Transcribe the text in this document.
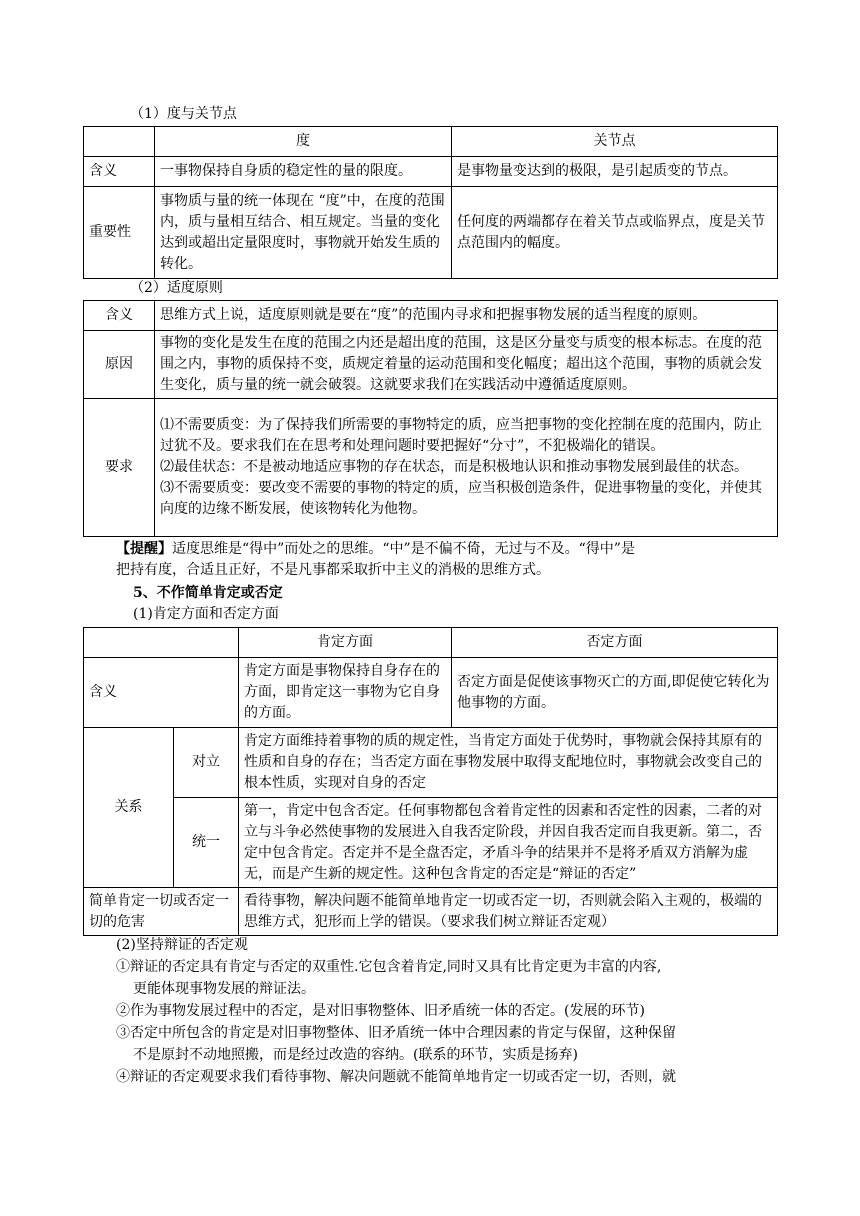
（1）度与关节点
	度	关节点
含义	一事物保持自身质的稳定性的量的限度。	是事物量变达到的极限，是引起质变的节点。
重要性	事物质与量的统一体现在 “度”中，在度的范围内，质与量相互结合、相互规定。当量的变化达到或超出定量限度时，事物就开始发生质的转化。	任何度的两端都存在着关节点或临界点，度是关节点范围内的幅度。
（2）适度原则
含义	思维方式上说，适度原则就是要在“度”的范围内寻求和把握事物发展的适当程度的原则。
原因	事物的变化是发生在度的范围之内还是超出度的范围，这是区分量变与质变的根本标志。在度的范围之内，事物的质保持不变，质规定着量的运动范围和变化幅度；超出这个范围，事物的质就会发生变化，质与量的统一就会破裂。这就要求我们在实践活动中遵循适度原则。
要求	⑴不需要质变：为了保持我们所需要的事物特定的质，应当把事物的变化控制在度的范围内，防止过犹不及。要求我们在在思考和处理问题时要把握好“分寸”，不犯极端化的错误。
⑵最佳状态：不是被动地适应事物的存在状态，而是积极地认识和推动事物发展到最佳的状态。
⑶不需要质变：要改变不需要的事物的特定的质，应当积极创造条件，促进事物量的变化，并使其向度的边缘不断发展，使该物转化为他物。
【提醒】适度思维是“得中”而处之的思维。“中”是不偏不倚，无过与不及。“得中”是
把持有度，合适且正好，不是凡事都采取折中主义的消极的思维方式。
5、不作简单肯定或否定
(1)肯定方面和否定方面
		肯定方面	否定方面
含义		肯定方面是事物保持自身存在的方面，即肯定这一事物为它自身的方面。	否定方面是促使该事物灭亡的方面,即促使它转化为他事物的方面。
关系	对立	肯定方面维持着事物的质的规定性，当肯定方面处于优势时，事物就会保持其原有的性质和自身的存在；当否定方面在事物发展中取得支配地位时，事物就会改变自己的根本性质，实现对自身的否定	
	统一	第一，肯定中包含否定。任何事物都包含着肯定性的因素和否定性的因素，二者的对立与斗争必然使事物的发展进入自我否定阶段，并因自我否定而自我更新。第二，否定中包含肯定。否定并不是全盘否定，矛盾斗争的结果并不是将矛盾双方消解为虚无，而是产生新的规定性。这种包含肯定的否定是“辩证的否定”	
简单肯定一切或否定一切的危害		看待事物，解决问题不能简单地肯定一切或否定一切，否则就会陷入主观的，极端的思维方式，犯形而上学的错误。（要求我们树立辩证否定观）	
(2)坚持辩证的否定观
①辩证的否定具有肯定与否定的双重性.它包含着肯定,同时又具有比肯定更为丰富的内容,
更能体现事物发展的辩证法。
②作为事物发展过程中的否定，是对旧事物整体、旧矛盾统一体的否定。(发展的环节)
③否定中所包含的肯定是对旧事物整体、旧矛盾统一体中合理因素的肯定与保留，这种保留
不是原封不动地照搬，而是经过改造的容纳。(联系的环节，实质是扬弃)
④辩证的否定观要求我们看待事物、解决问题就不能简单地肯定一切或否定一切，否则，就
